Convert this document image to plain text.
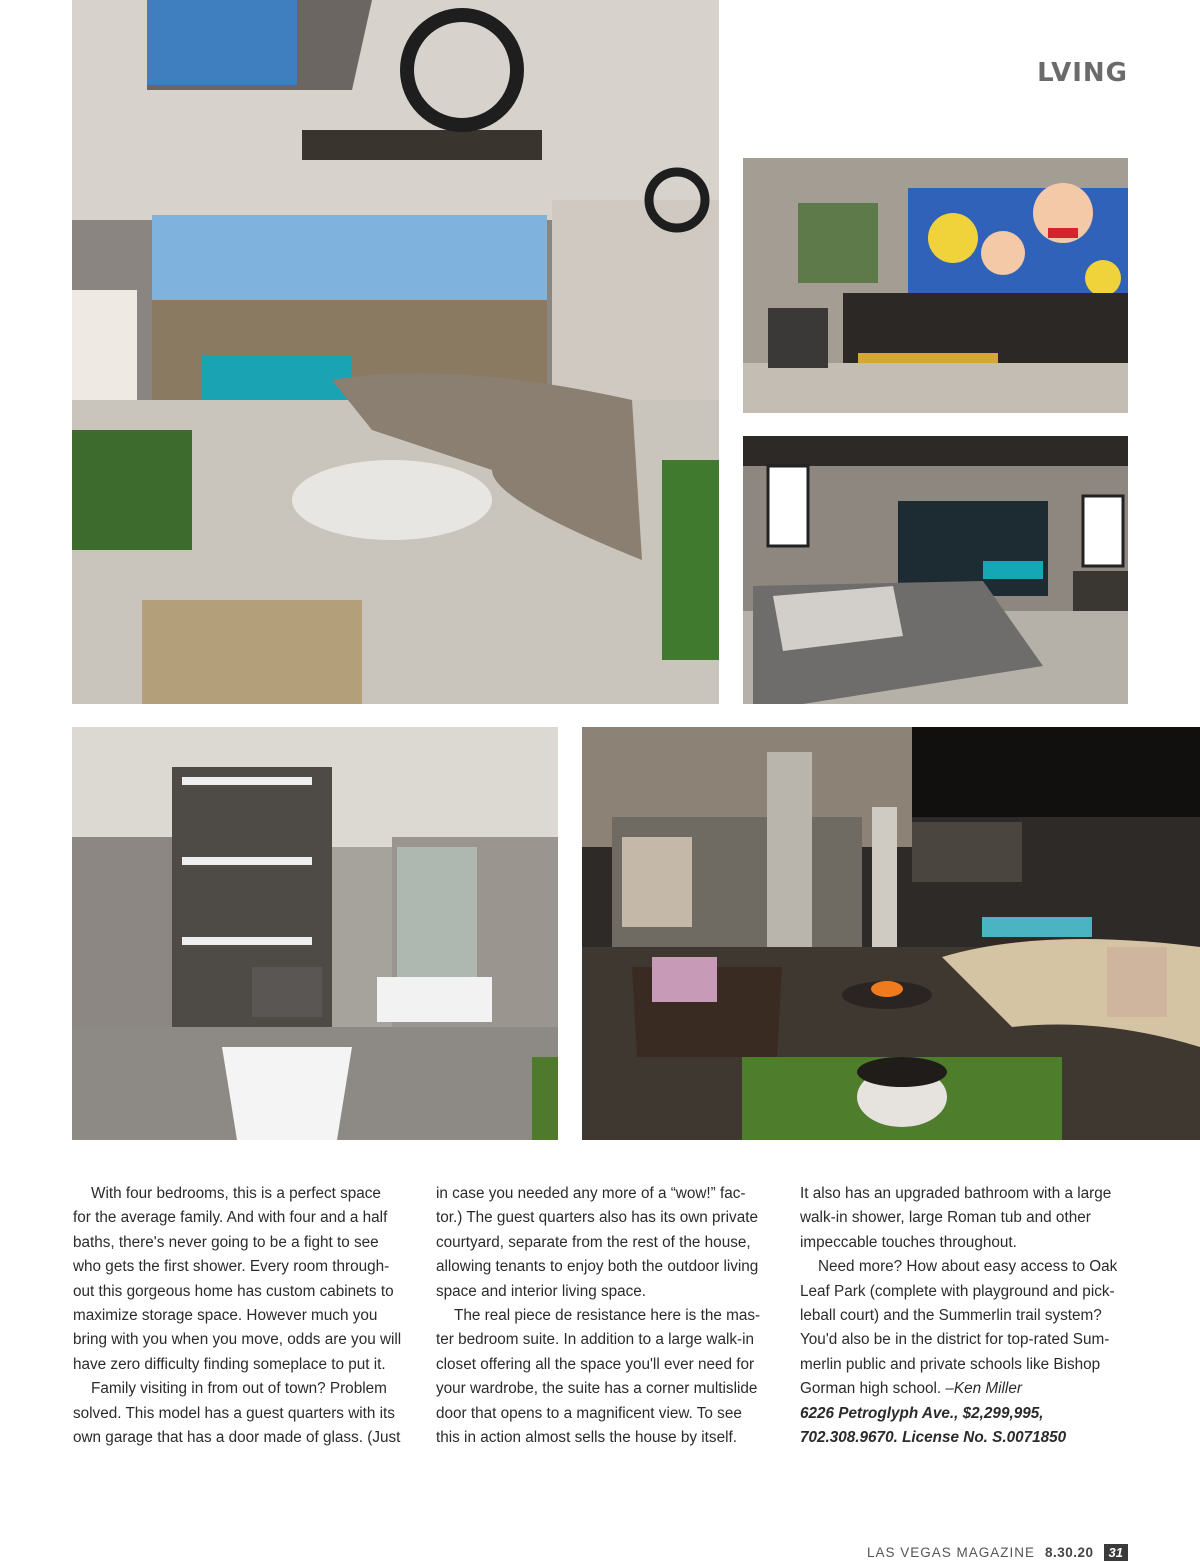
LVING

With four bedrooms, this is a perfect space for the average family. And with four and a half baths, there's never going to be a fight to see who gets the first shower. Every room through-out this gorgeous home has custom cabinets to maximize storage space. However much you bring with you when you move, odds are you will have zero difficulty finding someplace to put it.

Family visiting in from out of town? Problem solved. This model has a guest quarters with its own garage that has a door made of glass. (Just

in case you needed any more of a “wow!” fac-tor.) The guest quarters also has its own private courtyard, separate from the rest of the house, allowing tenants to enjoy both the outdoor living space and interior living space.

The real piece de resistance here is the mas-ter bedroom suite. In addition to a large walk-in closet offering all the space you'll ever need for your wardrobe, the suite has a corner multislide door that opens to a magnificent view. To see this in action almost sells the house by itself.

It also has an upgraded bathroom with a large walk-in shower, large Roman tub and other impeccable touches throughout.

Need more? How about easy access to Oak Leaf Park (complete with playground and pick-leball court) and the Summerlin trail system? You'd also be in the district for top-rated Sum-merlin public and private schools like Bishop Gorman high school. –Ken Miller

6226 Petroglyph Ave., $2,299,995,
702.308.9670. License No. S.0071850
LAS VEGAS MAGAZINE 8.30.20	31
